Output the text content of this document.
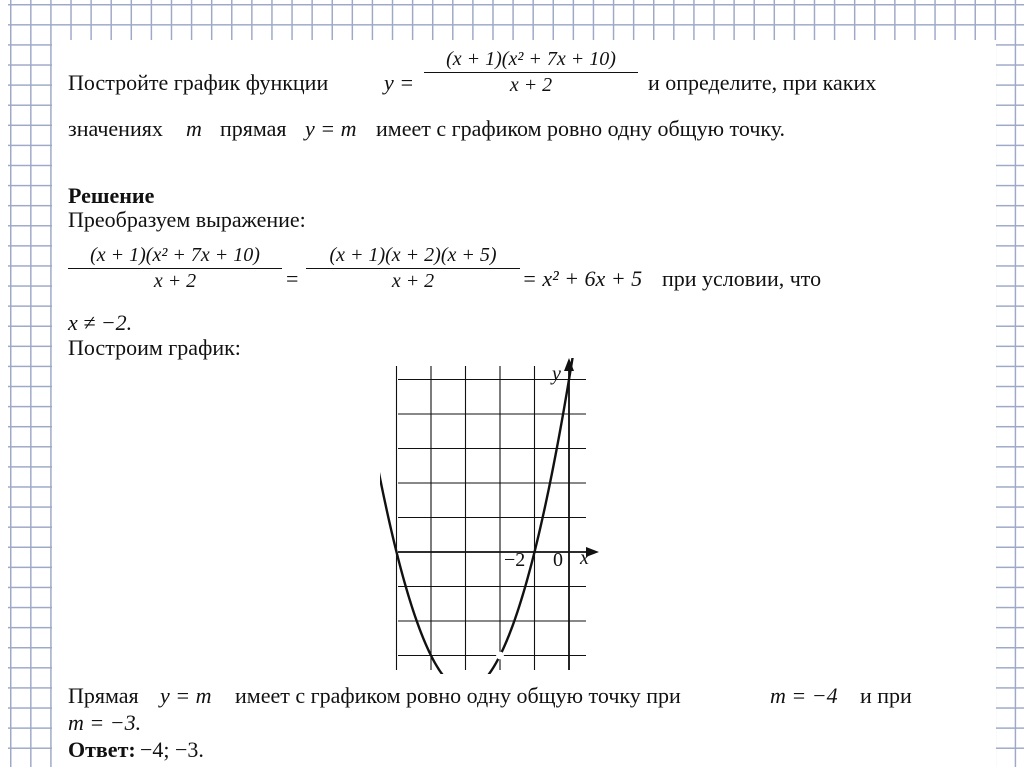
Постройте график функции	y =
(x + 1)(x² + 7x + 10)
x + 2	и определите, при каких
значениях m прямая y = m имеет с графиком ровно одну общую точку.
Решение
Преобразуем выражение:
(x + 1)(x² + 7x + 10)
x + 2	=
(x + 1)(x + 2)(x + 5)
x + 2	= x² + 6x + 5 при условии, что
x ≠ −2.
Построим график:
y
x
−2 0
Прямая y = m имеет с графиком ровно одну общую точку при	m = −4 и при
m = −3.
Ответ: −4; −3.
